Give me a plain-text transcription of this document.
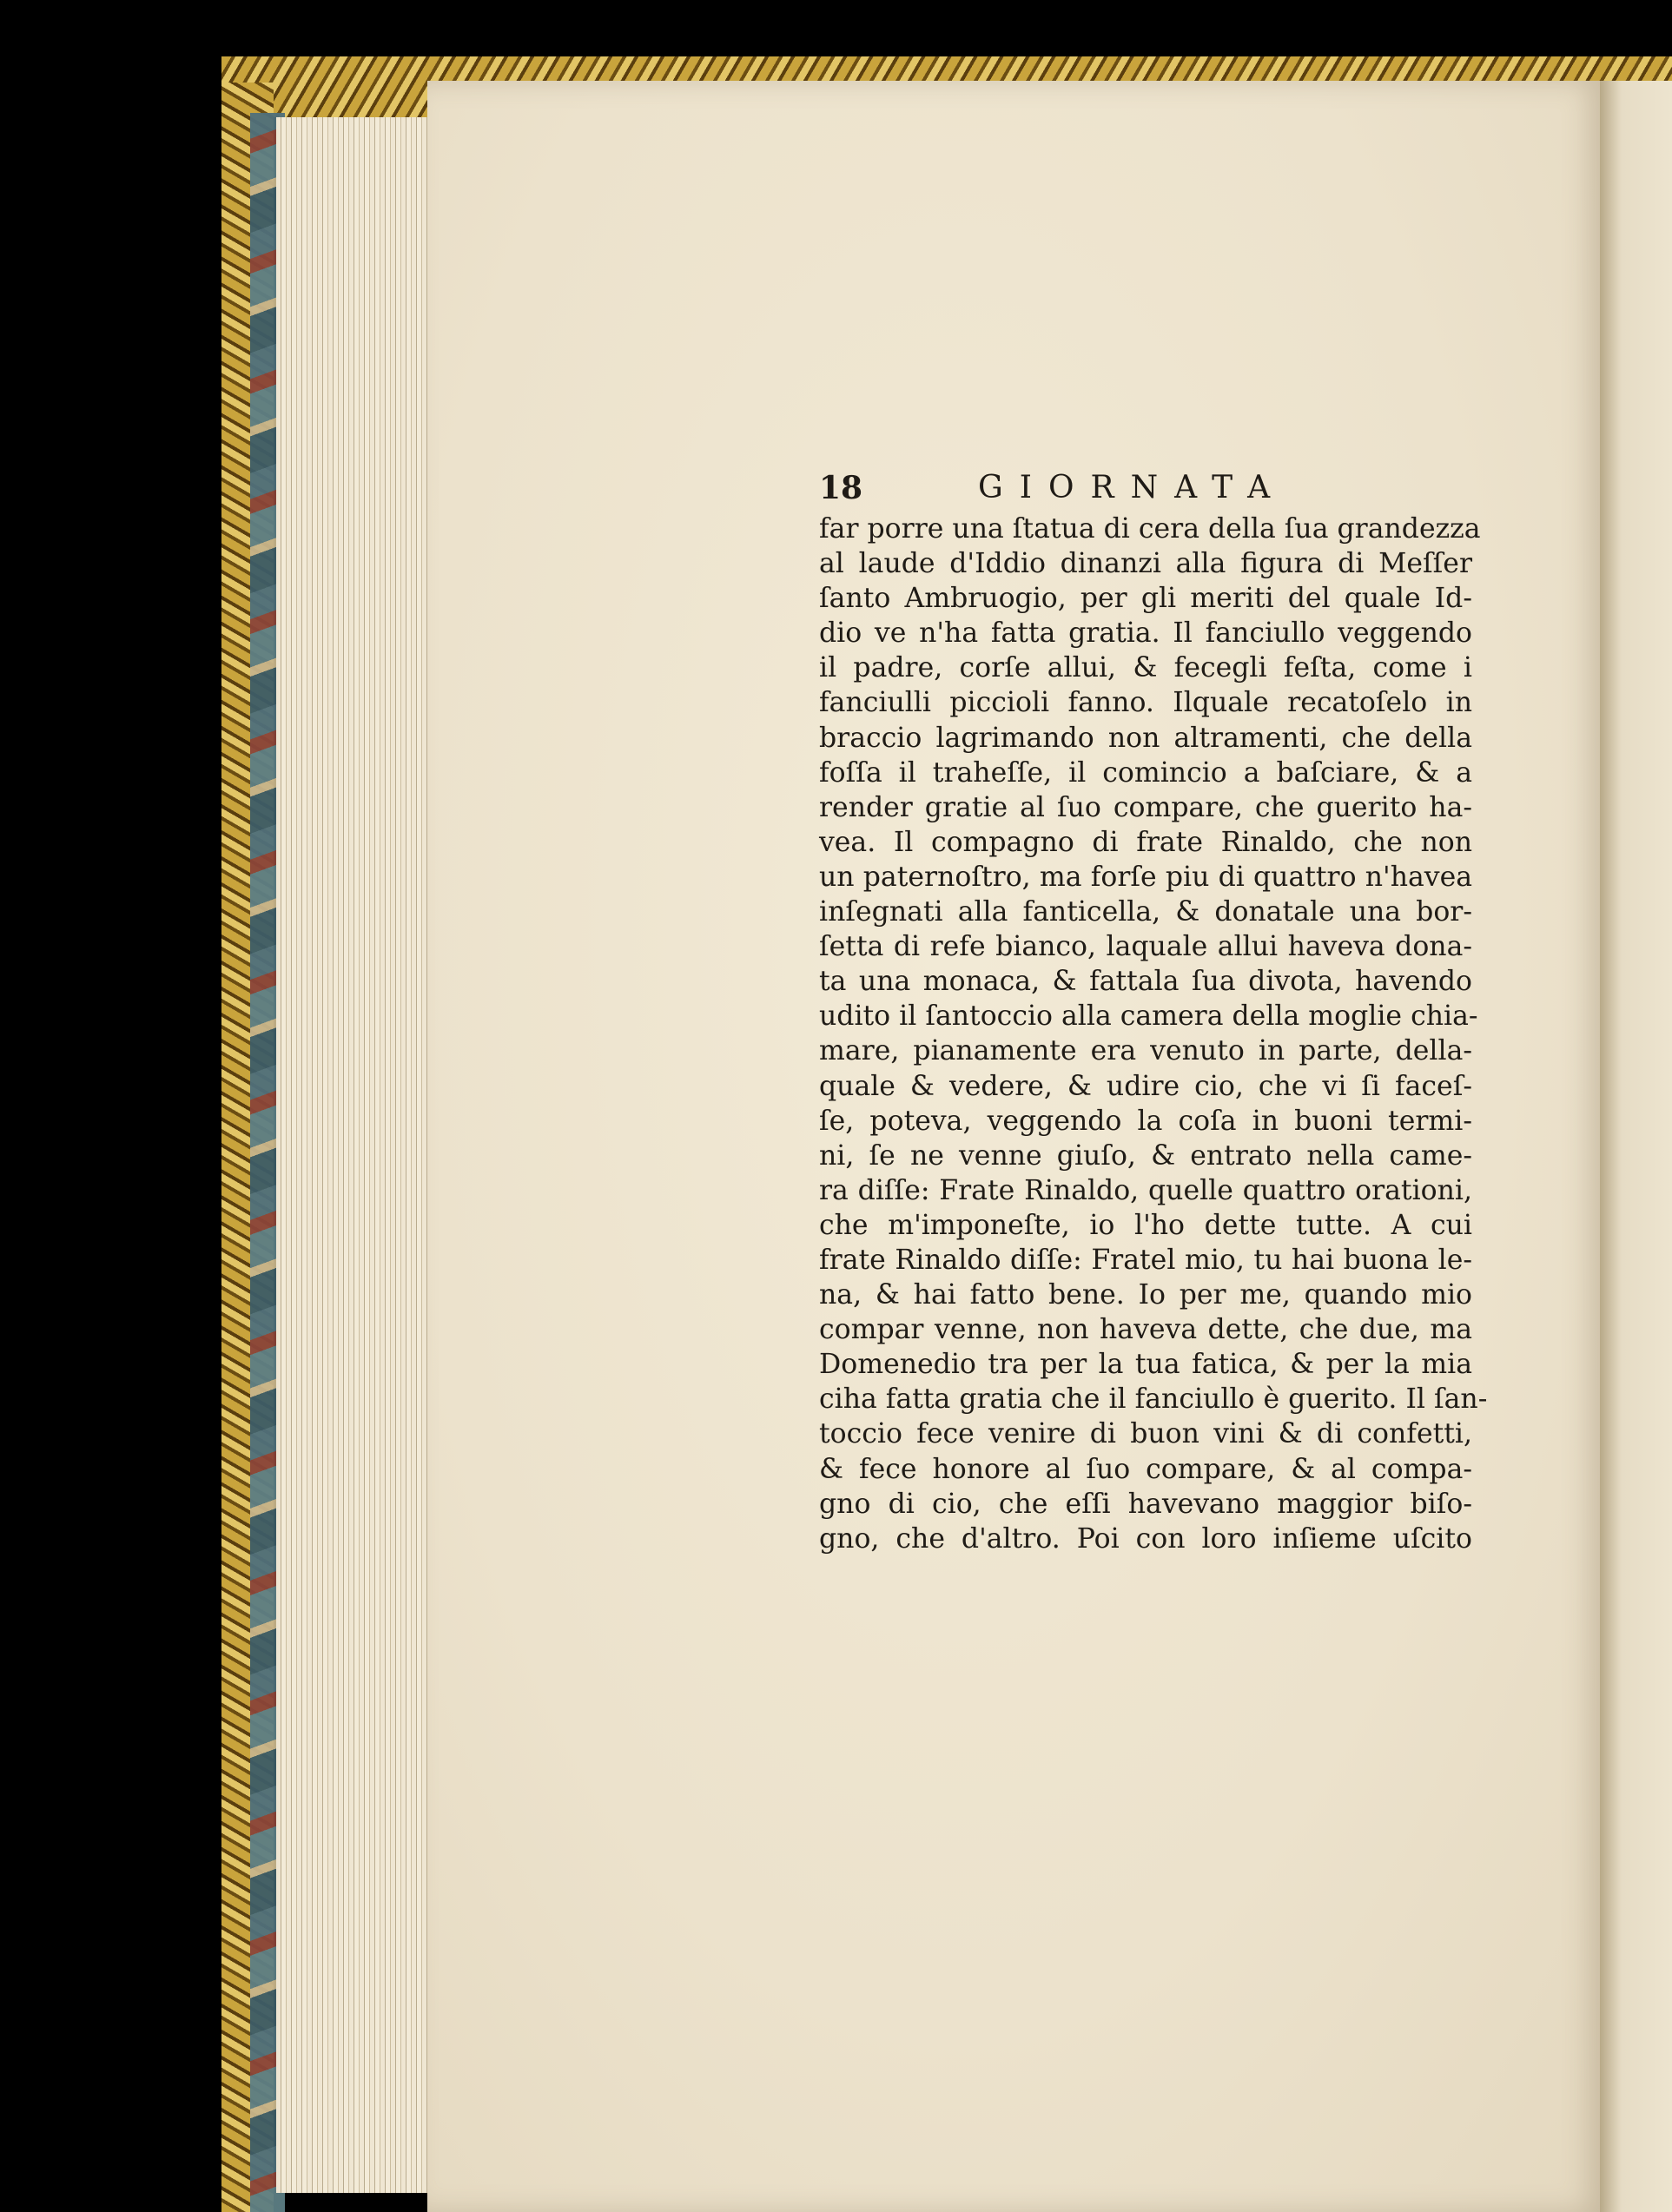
18	GIORNATA
far porre una ſtatua di cera della ſua grandezza
al laude d'Iddio dinanzi alla figura di Meſſer
ſanto Ambruogio, per gli meriti del quale Id-
dio ve n'ha fatta gratia. Il fanciullo veggendo
il padre, corſe allui, & fecegli feſta, come i
fanciulli piccioli fanno. Ilquale recatoſelo in
braccio lagrimando non altramenti, che della
foſſa il traheſſe, il comincio a baſciare, & a
render gratie al ſuo compare, che guerito ha-
vea. Il compagno di frate Rinaldo, che non
un paternoſtro, ma forſe piu di quattro n'havea
inſegnati alla fanticella, & donatale una bor-
ſetta di refe bianco, laquale allui haveva dona-
ta una monaca, & fattala ſua divota, havendo
udito il ſantoccio alla camera della moglie chia-
mare, pianamente era venuto in parte, della-
quale & vedere, & udire cio, che vi ſi faceſ-
ſe, poteva, veggendo la coſa in buoni termi-
ni, ſe ne venne giuſo, & entrato nella came-
ra diſſe: Frate Rinaldo, quelle quattro orationi,
che m'imponeſte, io l'ho dette tutte. A cui
frate Rinaldo diſſe: Fratel mio, tu hai buona le-
na, & hai fatto bene. Io per me, quando mio
compar venne, non haveva dette, che due, ma
Domenedio tra per la tua fatica, & per la mia
ciha fatta gratia che il fanciullo è guerito. Il ſan-
toccio fece venire di buon vini & di confetti,
& fece honore al ſuo compare, & al compa-
gno di cio, che eſſi havevano maggior biſo-
gno, che d'altro. Poi con loro inſieme uſcito
